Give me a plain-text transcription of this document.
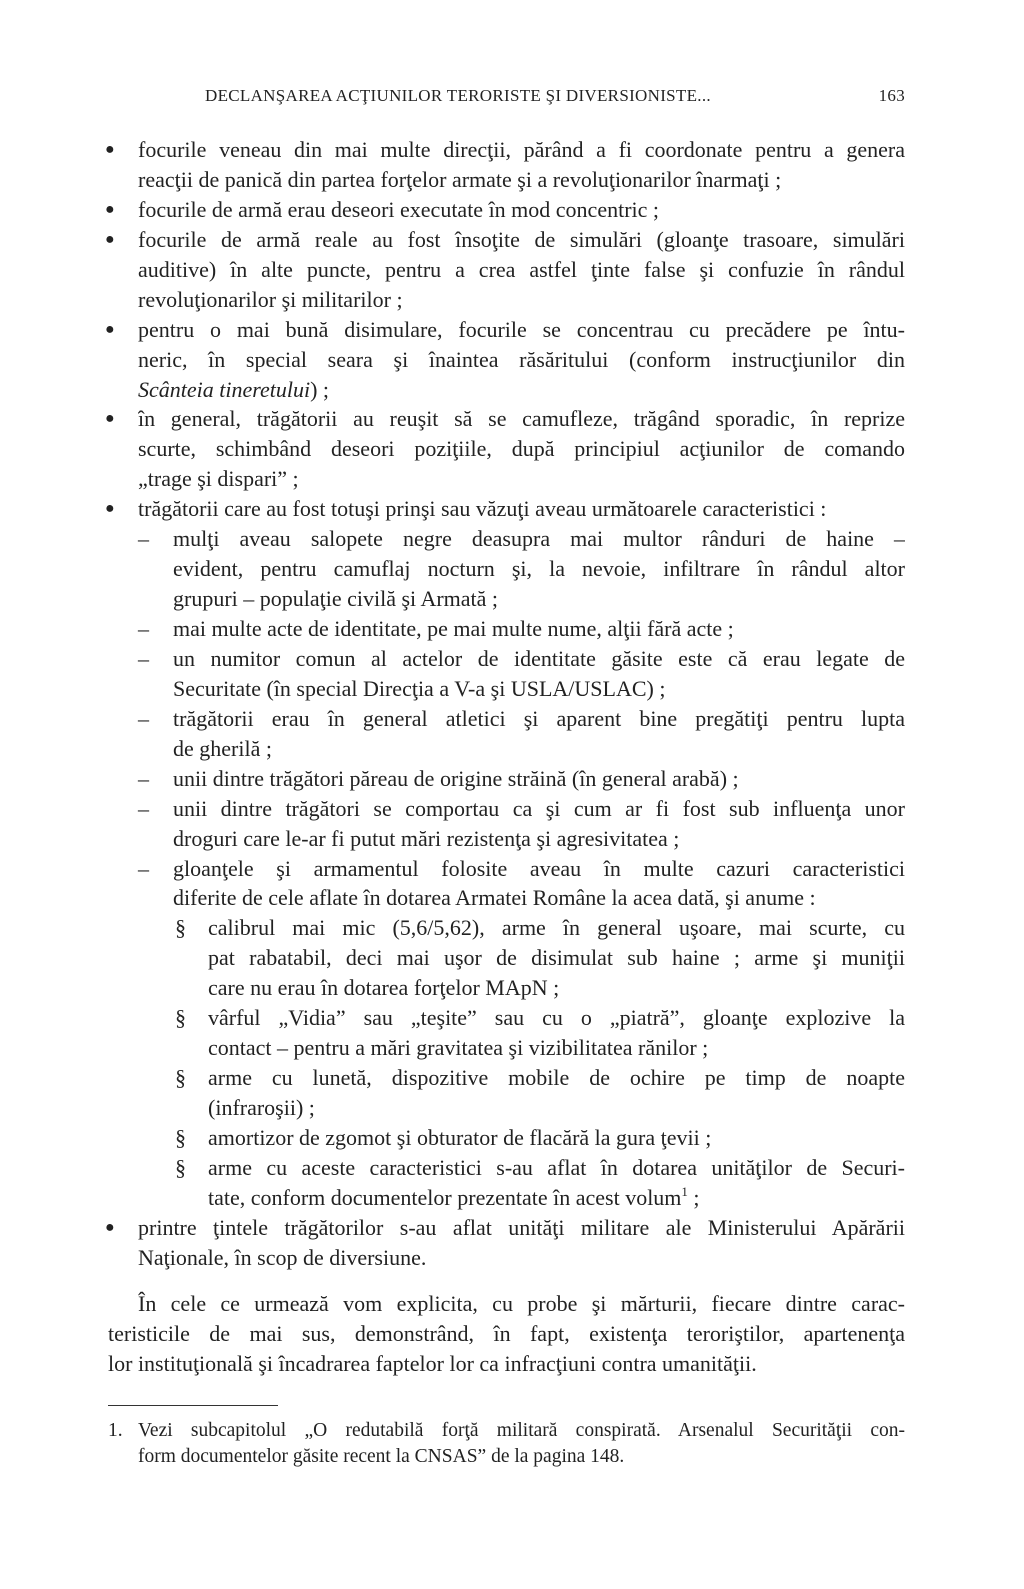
DECLANŞAREA ACŢIUNILOR TERORISTE ŞI DIVERSIONISTE...	163
● focurile veneau din mai multe direcţii, părând a fi coordonate pentru a genera
reacţii de panică din partea forţelor armate şi a revoluţionarilor înarmaţi ;
● focurile de armă erau deseori executate în mod concentric ;
● focurile de armă reale au fost însoţite de simulări (gloanţe trasoare, simulări
auditive) în alte puncte, pentru a crea astfel ţinte false şi confuzie în rândul
revoluţionarilor şi militarilor ;
● pentru o mai bună disimulare, focurile se concentrau cu precădere pe întu-
neric, în special seara şi înaintea răsăritului (conform instrucţiunilor din
Scânteia tineretului) ;
● în general, trăgătorii au reuşit să se camufleze, trăgând sporadic, în reprize
scurte, schimbând deseori poziţiile, după principiul acţiunilor de comando
„trage şi dispari” ;
● trăgătorii care au fost totuşi prinşi sau văzuţi aveau următoarele caracteristici :
– mulţi aveau salopete negre deasupra mai multor rânduri de haine –
evident, pentru camuflaj nocturn şi, la nevoie, infiltrare în rândul altor
grupuri – populaţie civilă şi Armată ;
– mai multe acte de identitate, pe mai multe nume, alţii fără acte ;
– un numitor comun al actelor de identitate găsite este că erau legate de
Securitate (în special Direcţia a V-a şi USLA/USLAC) ;
– trăgătorii erau în general atletici şi aparent bine pregătiţi pentru lupta
de gherilă ;
– unii dintre trăgători păreau de origine străină (în general arabă) ;
– unii dintre trăgători se comportau ca şi cum ar fi fost sub influenţa unor
droguri care le-ar fi putut mări rezistenţa şi agresivitatea ;
– gloanţele şi armamentul folosite aveau în multe cazuri caracteristici
diferite de cele aflate în dotarea Armatei Române la acea dată, şi anume :
§ calibrul mai mic (5,6/5,62), arme în general uşoare, mai scurte, cu
pat rabatabil, deci mai uşor de disimulat sub haine ; arme şi muniţii
care nu erau în dotarea forţelor MApN ;
§ vârful „Vidia” sau „teşite” sau cu o „piatră”, gloanţe explozive la
contact – pentru a mări gravitatea şi vizibilitatea rănilor ;
§ arme cu lunetă, dispozitive mobile de ochire pe timp de noapte
(infraroşii) ;
§ amortizor de zgomot şi obturator de flacără la gura ţevii ;
§ arme cu aceste caracteristici s-au aflat în dotarea unităţilor de Securi-
tate, conform documentelor prezentate în acest volum$^1$ ;
● printre ţintele trăgătorilor s-au aflat unităţi militare ale Ministerului Apărării
Naţionale, în scop de diversiune.
În cele ce urmează vom explicita, cu probe şi mărturii, fiecare dintre carac-
teristicile de mai sus, demonstrând, în fapt, existenţa teroriştilor, apartenenţa
lor instituţională şi încadrarea faptelor lor ca infracţiuni contra umanităţii.
1. Vezi subcapitolul „O redutabilă forţă militară conspirată. Arsenalul Securităţii con-
form documentelor găsite recent la CNSAS” de la pagina 148.
